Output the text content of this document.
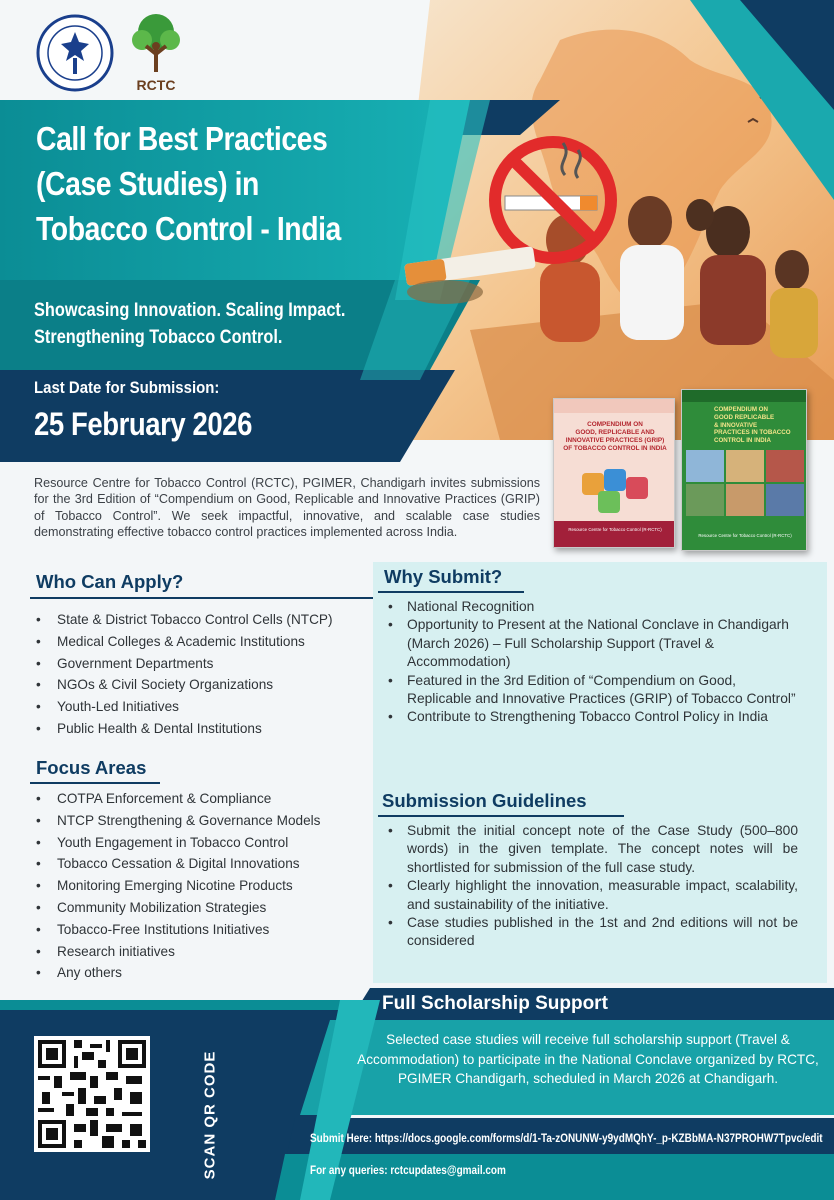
RCTC
Call for Best Practices
(Case Studies) in
Tobacco Control - India
Showcasing Innovation. Scaling Impact.
Strengthening Tobacco Control.
Last Date for Submission:
25 February 2026	COMPENDIUM ON
GOOD, REPLICABLE AND
INNOVATIVE PRACTICES (GRIP)
OF TOBACCO CONTROL IN INDIA
Resource Centre for Tobacco Control (R-RCTC)
COMPENDIUM ON
GOOD REPLICABLE
& INNOVATIVE
PRACTICES IN TOBACCO
CONTROL IN INDIA
Resource Centre for Tobacco Control (R-RCTC)

Resource Centre for Tobacco Control (RCTC), PGIMER, Chandigarh invites submissions for the 3rd Edition of “Compendium on Good, Replicable and Innovative Practices (GRIP) of Tobacco Control”. We seek impactful, innovative, and scalable case studies demonstrating effective tobacco control practices implemented across India.

Who Can Apply?
• State & District Tobacco Control Cells (NTCP)
• Medical Colleges & Academic Institutions
• Government Departments
• NGOs & Civil Society Organizations
• Youth-Led Initiatives
• Public Health & Dental Institutions
Focus Areas
• COTPA Enforcement & Compliance
• NTCP Strengthening & Governance Models
• Youth Engagement in Tobacco Control
• Tobacco Cessation & Digital Innovations
• Monitoring Emerging Nicotine Products
• Community Mobilization Strategies
• Tobacco-Free Institutions Initiatives
• Research initiatives
• Any others
Why Submit?
• National Recognition
• Opportunity to Present at the National Conclave in Chandigarh (March 2026) – Full Scholarship Support (Travel & Accommodation)
• Featured in the 3rd Edition of “Compendium on Good, Replicable and Innovative Practices (GRIP) of Tobacco Control”
• Contribute to Strengthening Tobacco Control Policy in India
Submission Guidelines
• Submit the initial concept note of the Case Study (500–800 words) in the given template. The concept notes will be shortlisted for submission of the full case study.
• Clearly highlight the innovation, measurable impact, scalability, and sustainability of the initiative.
• Case studies published in the 1st and 2nd editions will not be considered
Full Scholarship Support

Selected case studies will receive full scholarship support (Travel & Accommodation) to participate in the National Conclave organized by RCTC, PGIMER Chandigarh, scheduled in March 2026 at Chandigarh.

SCAN QR CODE	Submit Here: https://docs.google.com/forms/d/1-Ta-zONUNW-y9ydMQhY-_p-KZBbMA-N37PROHW7Tpvc/edit
For any queries: rctcupdates@gmail.com
